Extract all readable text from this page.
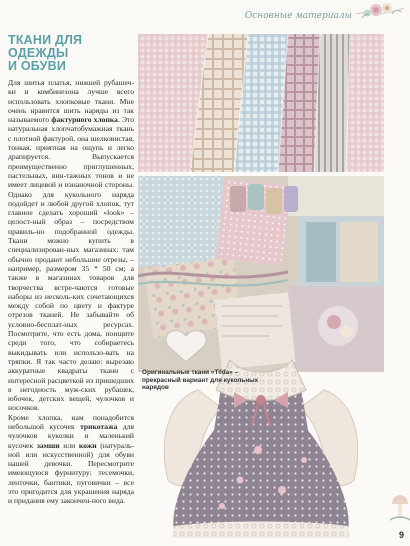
Основные материалы
ТКАНИ ДЛЯ ОДЕЖДЫ
И ОБУВИ

Для шитья платья, нижней рубашеч-ки и комбинезона лучше всего использовать хлопковые ткани. Мне очень нравится шить наряды из так называемого фактурного хлопка. Это натуральная хлопчатобумажная ткань с плотной фактурой, она шелковистая, тонкая, приятная на ощупь и легко драпируется. Выпускается преимущественно приглушенных, пастельных, вин-тажных тонов и не имеет лицевой и изнаночной стороны. Однако для кукольного наряда подойдет и любой другой хлопок, тут главное сделать хороший «look» – целост-ный образ – посредством правиль-но подобранной одежды. Ткани можно купить в специализирован-ных магазинах: там обычно продают небольшие отрезы, – например, размером 35 * 50 см; а также в магазинах товаров для творчества встре-чаются готовые наборы из несколь-ких сочетающихся между собой по цвету и фактуре отрезов тканей. Не забывайте об условно-бесплат-ных ресурсах. Посмотрите, что есть дома, поищите среди того, что собираетесь выкидывать или использо-вать на тряпки. Я так часто делаю: вырезаю аккуратные квадраты ткани с интересной расцветкой из пришедших в негодность муж-ских рубашек, юбочек, детских вещей, чулочков и носочков.

Кроме хлопка, нам понадобится небольшой кусочек трикотажа для чулочков куколки и маленький кусочек замши или кожи (натураль-ной или искусственной) для обуви нашей девочки. Пересмотрите имеющуюся фурнитуру: тесемочки, ленточки, бантики, пуговички – все это пригодится для украшения наряда и придания ему закончен-ного вида.

Оригинальные ткани «Tilda» – прекрасный вариант для кукольных нарядов
9
